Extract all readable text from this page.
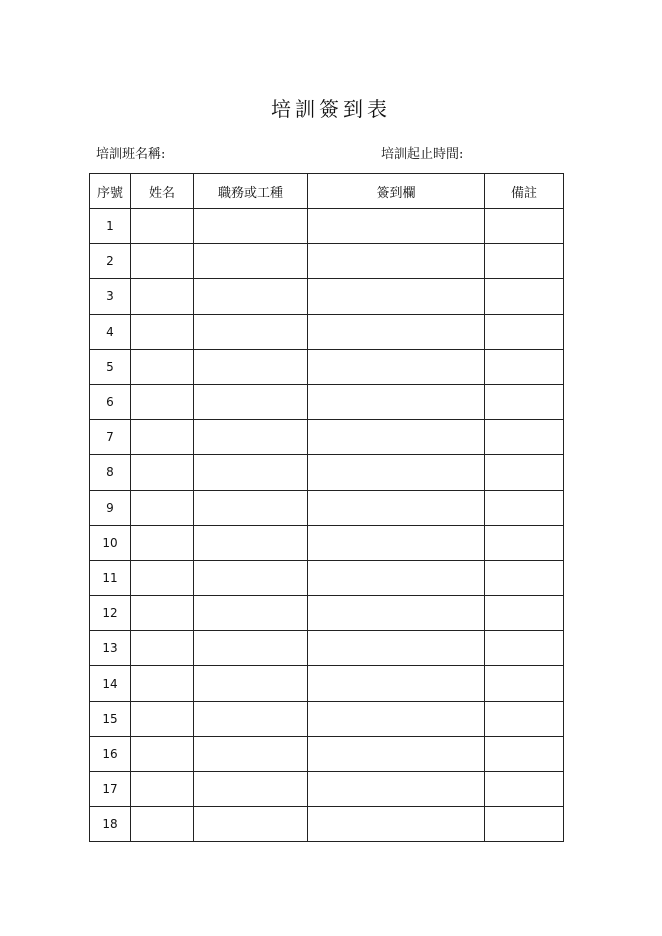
培訓簽到表
培訓班名稱:	培訓起止時間:
序號	姓名	職務或工種	簽到欄	備註
1				
2				
3				
4				
5				
6				
7				
8				
9				
10				
11				
12				
13				
14				
15				
16				
17				
18				
